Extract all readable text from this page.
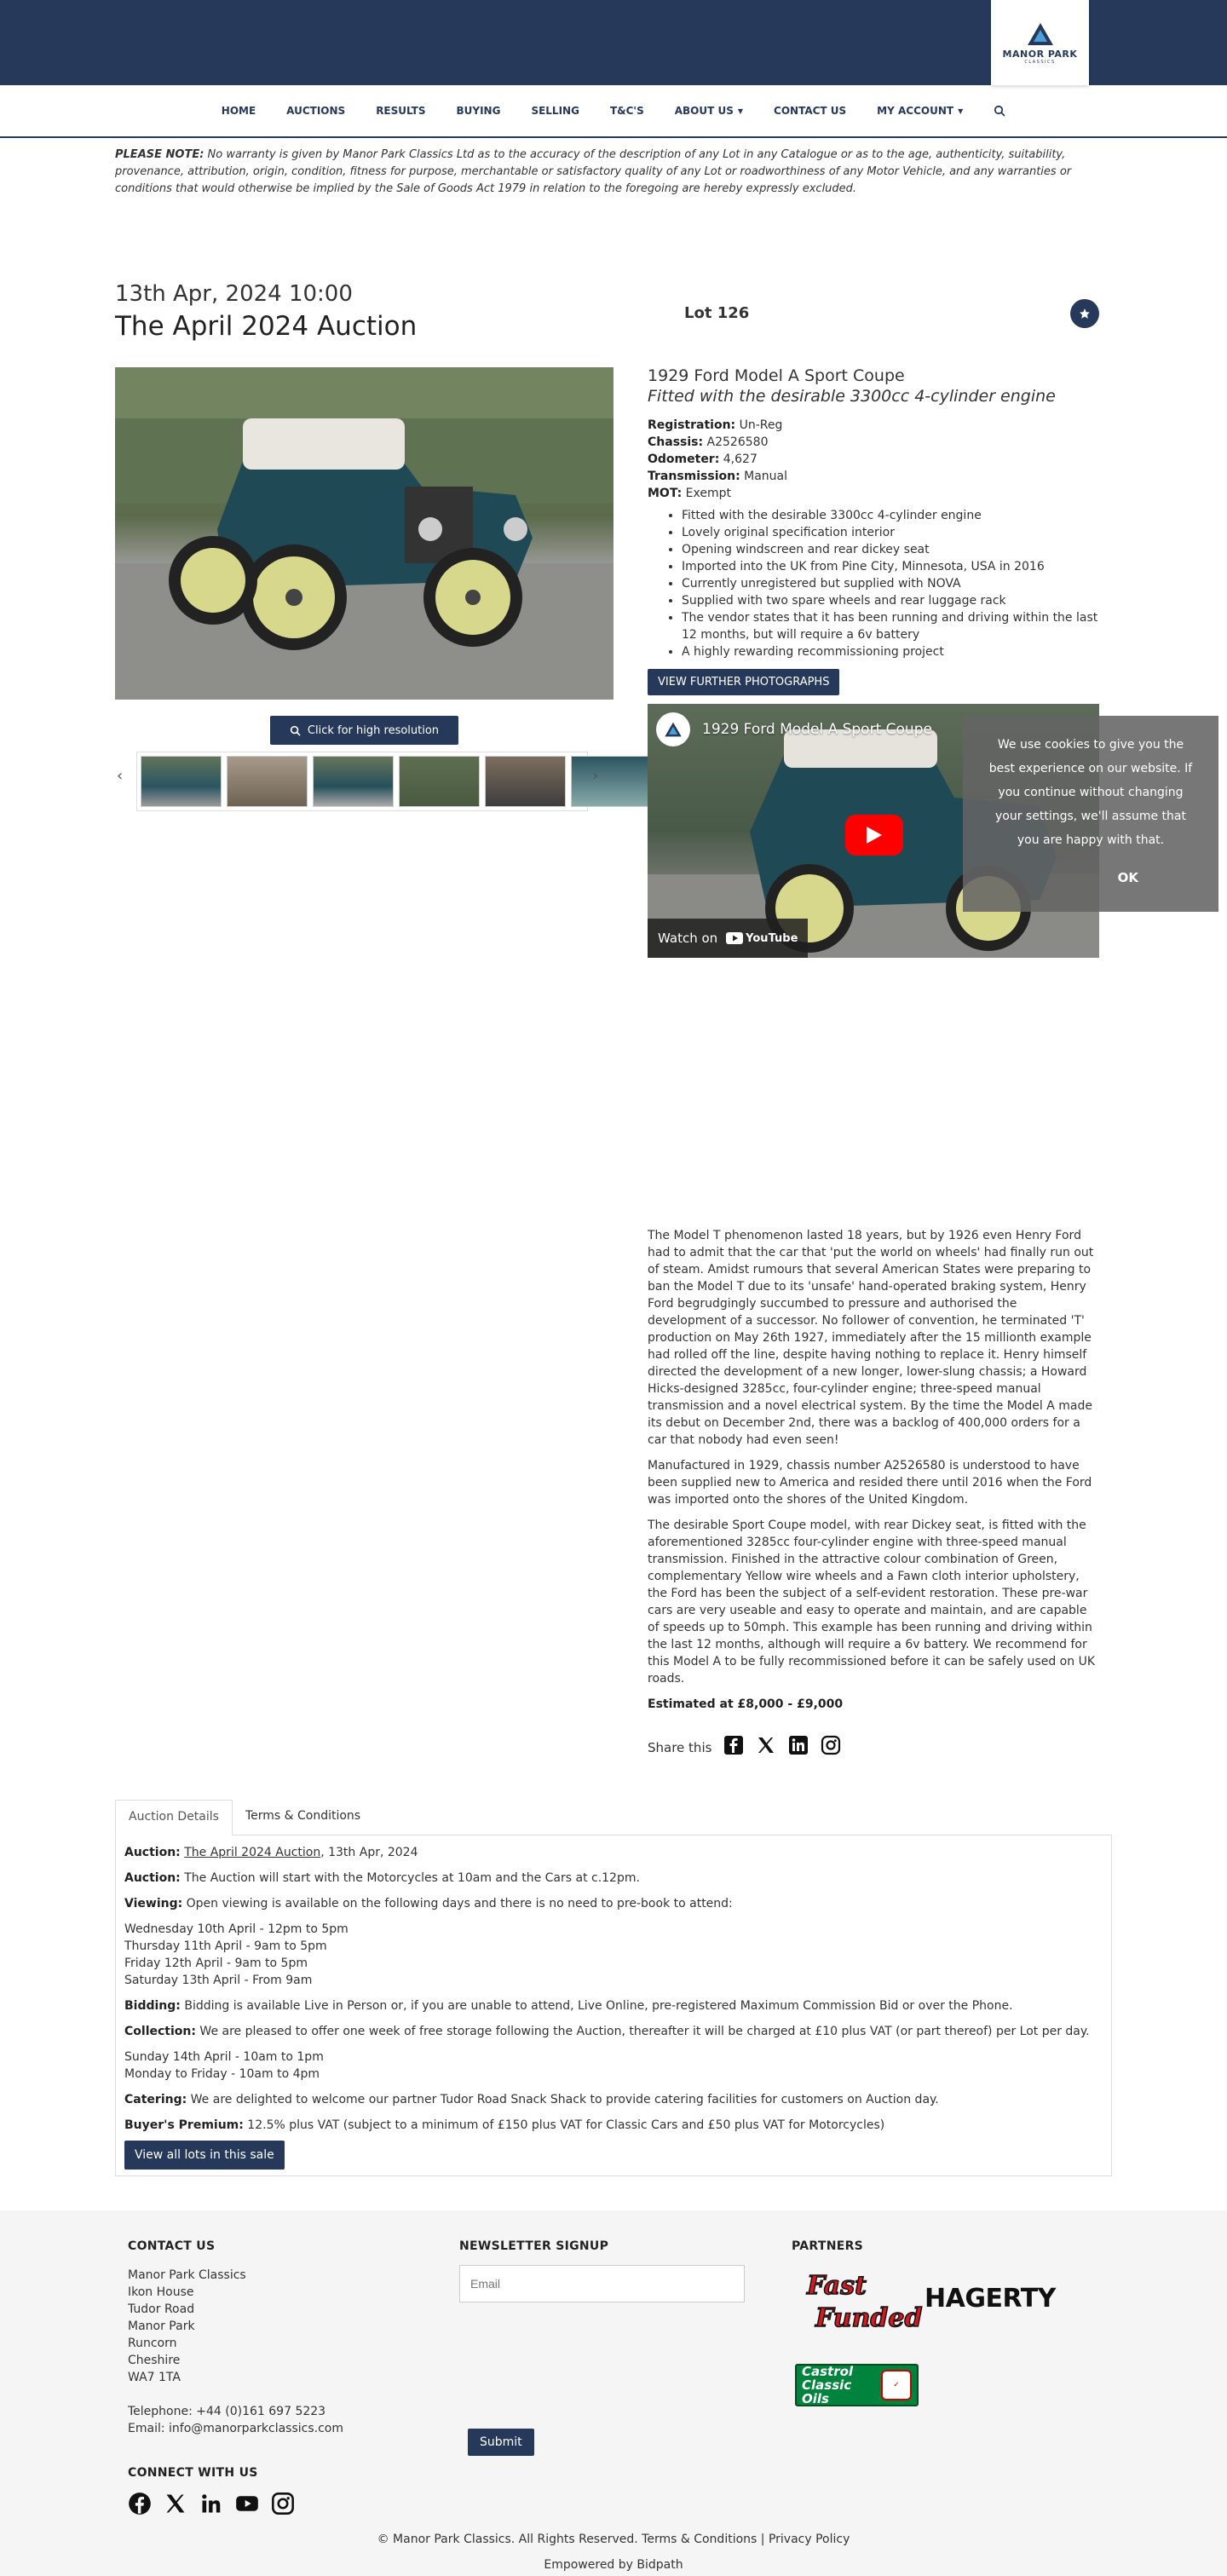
MANOR PARK
CLASSICS
HOME	AUCTIONS	RESULTS	BUYING	SELLING	T&C'S	ABOUT US ▼	CONTACT US	MY ACCOUNT ▼
PLEASE NOTE: No warranty is given by Manor Park Classics Ltd as to the accuracy of the description of any Lot in any Catalogue or as to the age, authenticity, suitability, provenance, attribution, origin, condition, fitness for purpose, merchantable or satisfactory quality of any Lot or roadworthiness of any Motor Vehicle, and any warranties or conditions that would otherwise be implied by the Sale of Goods Act 1979 in relation to the foregoing are hereby expressly excluded.
13th Apr, 2024 10:00
The April 2024 Auction	Lot 126
Click for high resolution
‹	›
1929 Ford Model A Sport Coupe
Fitted with the desirable 3300cc 4-cylinder engine
Registration: Un-Reg
Chassis: A2526580
Odometer: 4,627
Transmission: Manual
MOT: Exempt
• Fitted with the desirable 3300cc 4-cylinder engine
• Lovely original specification interior
• Opening windscreen and rear dickey seat
• Imported into the UK from Pine City, Minnesota, USA in 2016
• Currently unregistered but supplied with NOVA
• Supplied with two spare wheels and rear luggage rack
• The vendor states that it has been running and driving within the last 12 months, but will require a 6v battery
• A highly rewarding recommissioning project
VIEW FURTHER PHOTOGRAPHS
1929 Ford Model A Sport Coupe
Watch on	YouTube

The Model T phenomenon lasted 18 years, but by 1926 even Henry Ford had to admit that the car that 'put the world on wheels' had finally run out of steam. Amidst rumours that several American States were preparing to ban the Model T due to its 'unsafe' hand-operated braking system, Henry Ford begrudgingly succumbed to pressure and authorised the development of a successor. No follower of convention, he terminated 'T' production on May 26th 1927, immediately after the 15 millionth example had rolled off the line, despite having nothing to replace it. Henry himself directed the development of a new longer, lower-slung chassis; a Howard Hicks-designed 3285cc, four-cylinder engine; three-speed manual transmission and a novel electrical system. By the time the Model A made its debut on December 2nd, there was a backlog of 400,000 orders for a car that nobody had even seen!

Manufactured in 1929, chassis number A2526580 is understood to have been supplied new to America and resided there until 2016 when the Ford was imported onto the shores of the United Kingdom.

The desirable Sport Coupe model, with rear Dickey seat, is fitted with the aforementioned 3285cc four-cylinder engine with three-speed manual transmission. Finished in the attractive colour combination of Green, complementary Yellow wire wheels and a Fawn cloth interior upholstery, the Ford has been the subject of a self-evident restoration. These pre-war cars are very useable and easy to operate and maintain, and are capable of speeds up to 50mph. This example has been running and driving within the last 12 months, although will require a 6v battery. We recommend for this Model A to be fully recommissioned before it can be safely used on UK roads.

Estimated at £8,000 - £9,000
Share this
Auction Details	Terms & Conditions

Auction: The April 2024 Auction, 13th Apr, 2024

Auction: The Auction will start with the Motorcycles at 10am and the Cars at c.12pm.

Viewing: Open viewing is available on the following days and there is no need to pre-book to attend:

Wednesday 10th April - 12pm to 5pm
Thursday 11th April - 9am to 5pm
Friday 12th April - 9am to 5pm
Saturday 13th April - From 9am

Bidding: Bidding is available Live in Person or, if you are unable to attend, Live Online, pre-registered Maximum Commission Bid or over the Phone.

Collection: We are pleased to offer one week of free storage following the Auction, thereafter it will be charged at £10 plus VAT (or part thereof) per Lot per day.

Sunday 14th April - 10am to 1pm
Monday to Friday - 10am to 4pm

Catering: We are delighted to welcome our partner Tudor Road Snack Shack to provide catering facilities for customers on Auction day.

Buyer's Premium: 12.5% plus VAT (subject to a minimum of £150 plus VAT for Classic Cars and £50 plus VAT for Motorcycles)

View all lots in this sale
We use cookies to give you the best experience on our website. If you continue without changing your settings, we'll assume that you are happy with that.
OK
CONTACT US
Manor Park Classics
Ikon House
Tudor Road
Manor Park
Runcorn
Cheshire
WA7 1TA
Telephone: +44 (0)161 697 5223
Email: info@manorparkclassics.com
NEWSLETTER SIGNUP
Email
Submit
PARTNERS
Fast
Funded
HAGERTY
Castrol Classic Oils
✓
CONNECT WITH US
© Manor Park Classics. All Rights Reserved. Terms & Conditions | Privacy Policy
Empowered by Bidpath
